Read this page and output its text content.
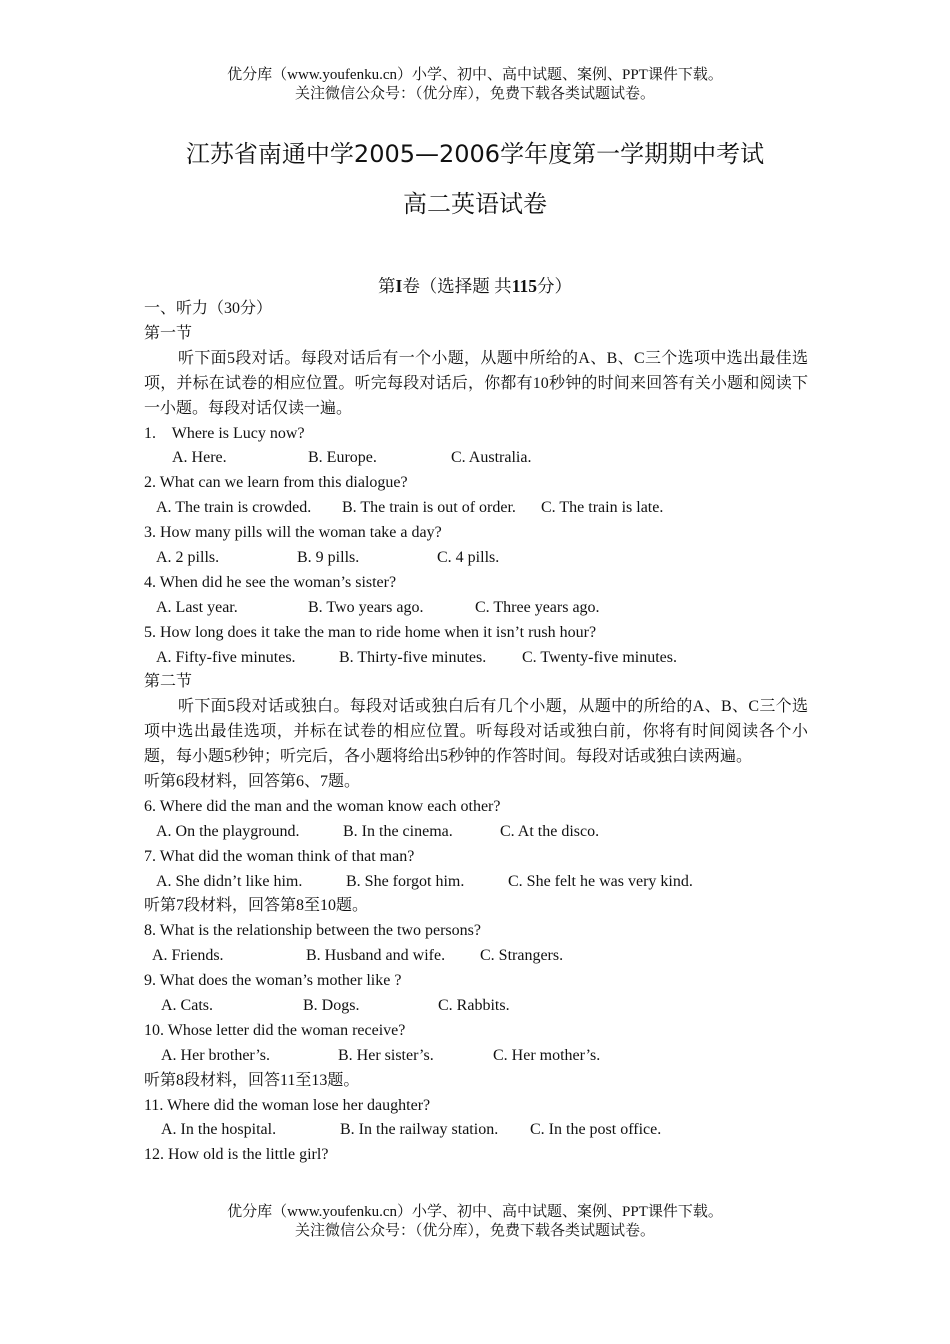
优分库（www.youfenku.cn）小学、初中、高中试题、案例、PPT课件下载。
关注微信公众号：（优分库），免费下载各类试题试卷。
江苏省南通中学2005—2006学年度第一学期期中考试
高二英语试卷
第I卷（选择题 共115分）
一、听力（30分）
第一节
听下面5段对话。每段对话后有一个小题，从题中所给的A、B、C三个选项中选出最佳选项，并标在试卷的相应位置。听完每段对话后，你都有10秒钟的时间来回答有关小题和阅读下一小题。每段对话仅读一遍。
1.    Where is Lucy now?
A. Here.	B. Europe.	C. Australia.
2. What can we learn from this dialogue?
A. The train is crowded.	B. The train is out of order.	C. The train is late.
3. How many pills will the woman take a day?
A. 2 pills.	B. 9 pills.	C. 4 pills.
4. When did he see the woman’s sister?
A. Last year.	B. Two years ago.	C. Three years ago.
5. How long does it take the man to ride home when it isn’t rush hour?
A. Fifty-five minutes.	B. Thirty-five minutes.	C. Twenty-five minutes.
第二节
听下面5段对话或独白。每段对话或独白后有几个小题，从题中的所给的A、B、C三个选项中选出最佳选项，并标在试卷的相应位置。听每段对话或独白前，你将有时间阅读各个小题，每小题5秒钟；听完后，各小题将给出5秒钟的作答时间。每段对话或独白读两遍。
听第6段材料，回答第6、7题。
6. Where did the man and the woman know each other?
A. On the playground.	B. In the cinema.	C. At the disco.
7. What did the woman think of that man?
A. She didn’t like him.	B. She forgot him.	C. She felt he was very kind.
听第7段材料，回答第8至10题。
8. What is the relationship between the two persons?
A. Friends.	B. Husband and wife.	C. Strangers.
9. What does the woman’s mother like ?
A. Cats.	B. Dogs.	C. Rabbits.
10. Whose letter did the woman receive?
A. Her brother’s.	B. Her sister’s.	C. Her mother’s.
听第8段材料，回答11至13题。
11. Where did the woman lose her daughter?
A. In the hospital.	B. In the railway station.	C. In the post office.
12. How old is the little girl?
优分库（www.youfenku.cn）小学、初中、高中试题、案例、PPT课件下载。
关注微信公众号：（优分库），免费下载各类试题试卷。
